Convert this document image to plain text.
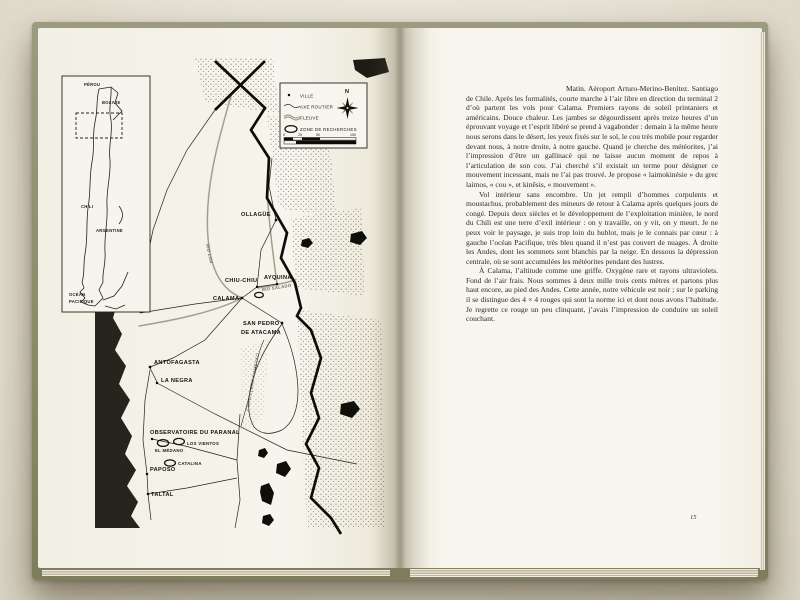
OLLAGÜE
CHIU-CHIU AYQUINA
CALAMA
SAN PEDRO
DE ATACAMA
ANTOFAGASTA
LA NEGRA
OBSERVATOIRE DU PARANAL
EL MÉDANO
LOS VIENTOS
CATALINA
PAPOSO
TALTAL
RÍO LOA
RÍO SALADO
CORDILLERA DOMEYKO
PÉROU
BOLIVIE
CHILI
ARGENTINE
OCÉAN
PACIFIQUE
VILLE
AXE ROUTIER
FLEUVE
ZONE DE RECHERCHES
0	25	50	100
N	Matin. Aéroport Arturo-Merino-Benítez. Santiago de Chile. Après les formalités, courte marche à l’air libre en direction du terminal 2 d’où partent les vols pour Calama. Premiers rayons de soleil printaniers et américains. Douce chaleur. Les jambes se dégourdissent après treize heures d’un éprouvant voyage et l’esprit libéré se prend à vagabonder : demain à la même heure nous serons dans le désert, les yeux fixés sur le sol, le cou très mobile pour regarder devant nous, à notre droite, à notre gauche. Quand je cherche des météorites, j’ai l’impression d’être un gallinacé qui ne laisse aucun moment de repos à l’articulation de son cou. J’ai cherché s’il existait un terme pour désigner ce mouvement incessant, mais ne l’ai pas trouvé. Je propose « laimokinésie » du grec laimos, « cou », et kinêsis, « mouvement ».

Vol intérieur sans encombre. Un jet rempli d’hommes corpulents et moustachus, probablement des mineurs de retour à Calama après quelques jours de congé. Depuis deux siècles et le développement de l’exploitation minière, le nord du Chili est une terre d’exil intérieur : on y travaille, on y vit, on y meurt. Je ne peux voir le paysage, je suis trop loin du hublot, mais je le connais par cœur : à gauche l’océan Pacifique, très bleu quand il n’est pas couvert de nuages. À droite les Andes, dont les sommets sont blanchis par la neige. En dessous la dépression centrale, où se sont accumulées les météorites pendant des lustres.

À Calama, l’altitude comme une griffe. Oxygène rare et rayons ultraviolets. Fond de l’air frais. Nous sommes à deux mille trois cents mètres et partons plus haut encore, au pied des Andes. Cette année, notre véhicule est noir ; sur le parking il se distingue des 4 × 4 rouges qui sont la norme ici et dont nous avons l’habitude. Je regrette ce rouge un peu clinquant, j’avais l’impression de conduire un soleil couchant.

15
